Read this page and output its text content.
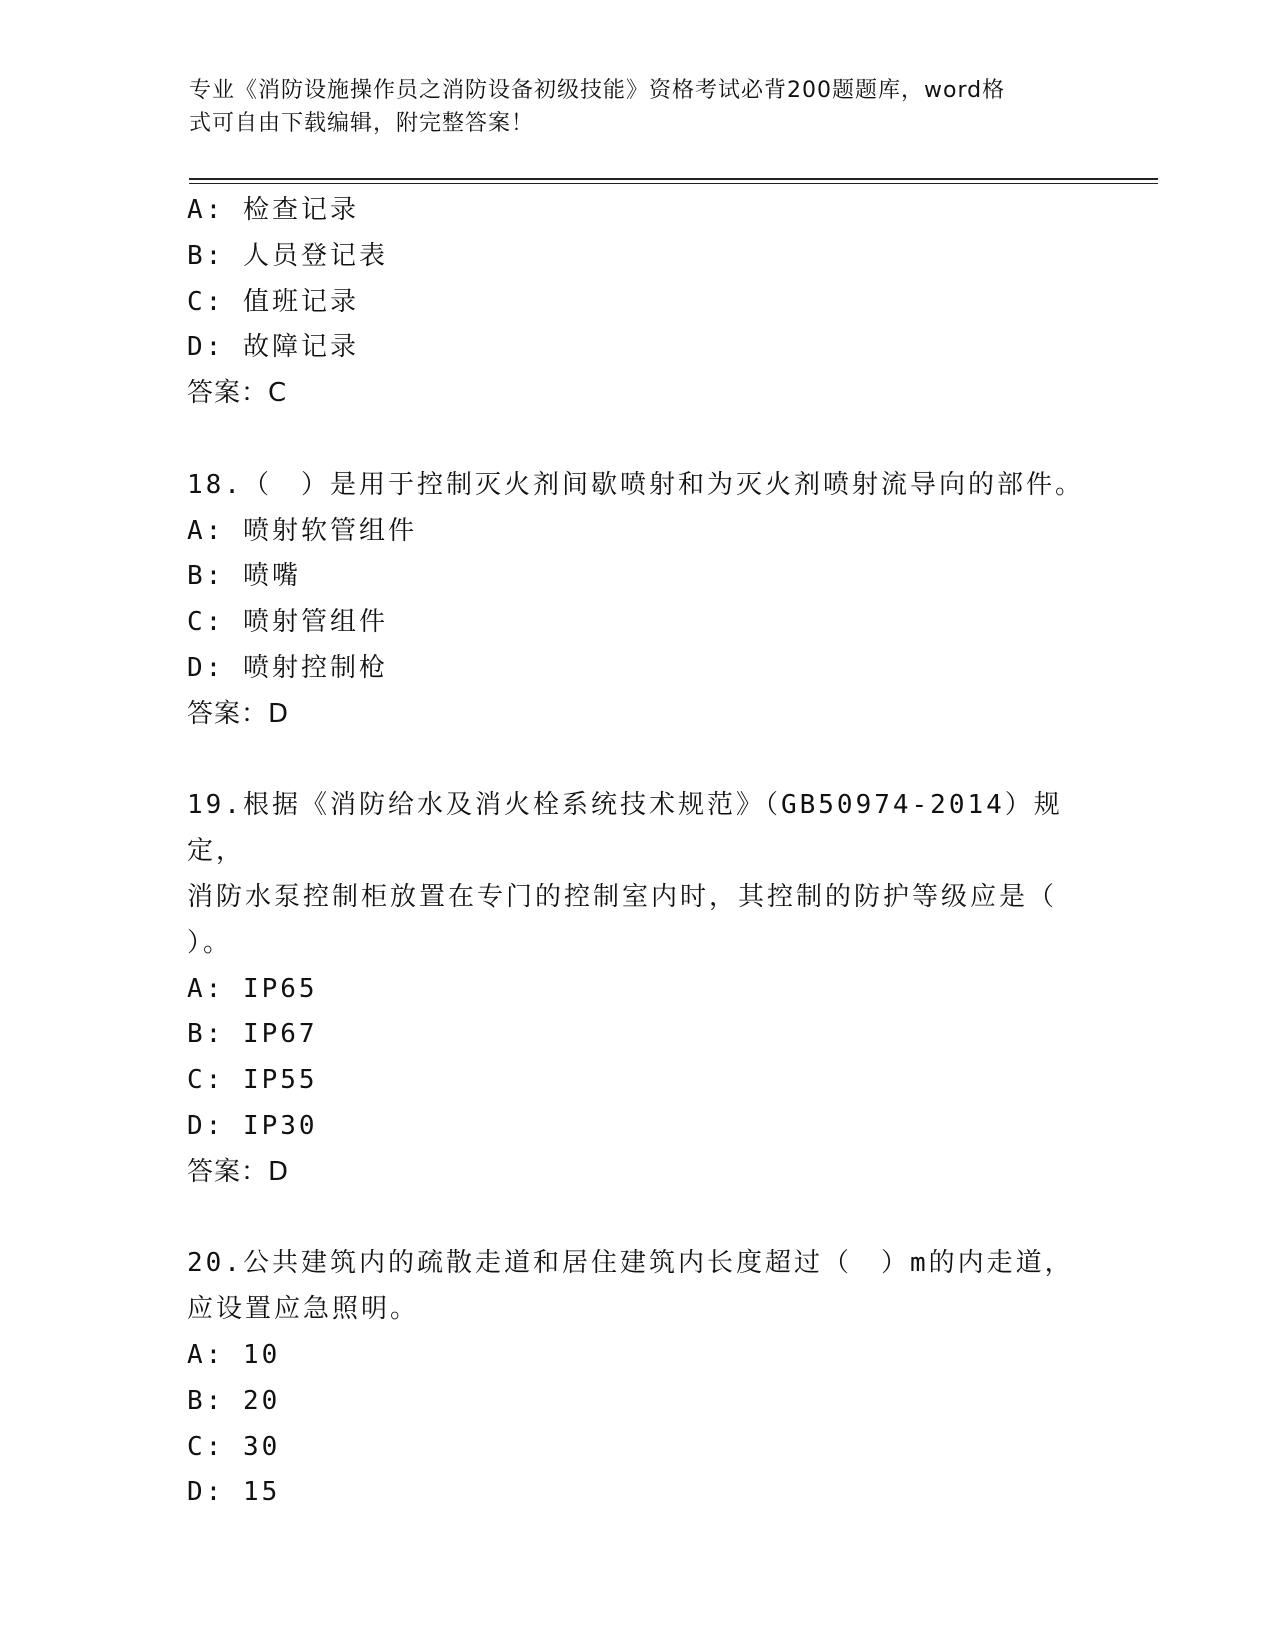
专业《消防设施操作员之消防设备初级技能》资格考试必背200题题库，word格
式可自由下载编辑，附完整答案！
A: 检查记录
B: 人员登记表
C: 值班记录
D: 故障记录
答案：C
18.（　）是用于控制灭火剂间歇喷射和为灭火剂喷射流导向的部件。
A: 喷射软管组件
B: 喷嘴
C: 喷射管组件
D: 喷射控制枪
答案：D
19.根据《消防给水及消火栓系统技术规范》（GB50974-2014）规定，
消防水泵控制柜放置在专门的控制室内时，其控制的防护等级应是（
）。
A: IP65
B: IP67
C: IP55
D: IP30
答案：D
20.公共建筑内的疏散走道和居住建筑内长度超过（　）m的内走道，
应设置应急照明。
A: 10
B: 20
C: 30
D: 15
